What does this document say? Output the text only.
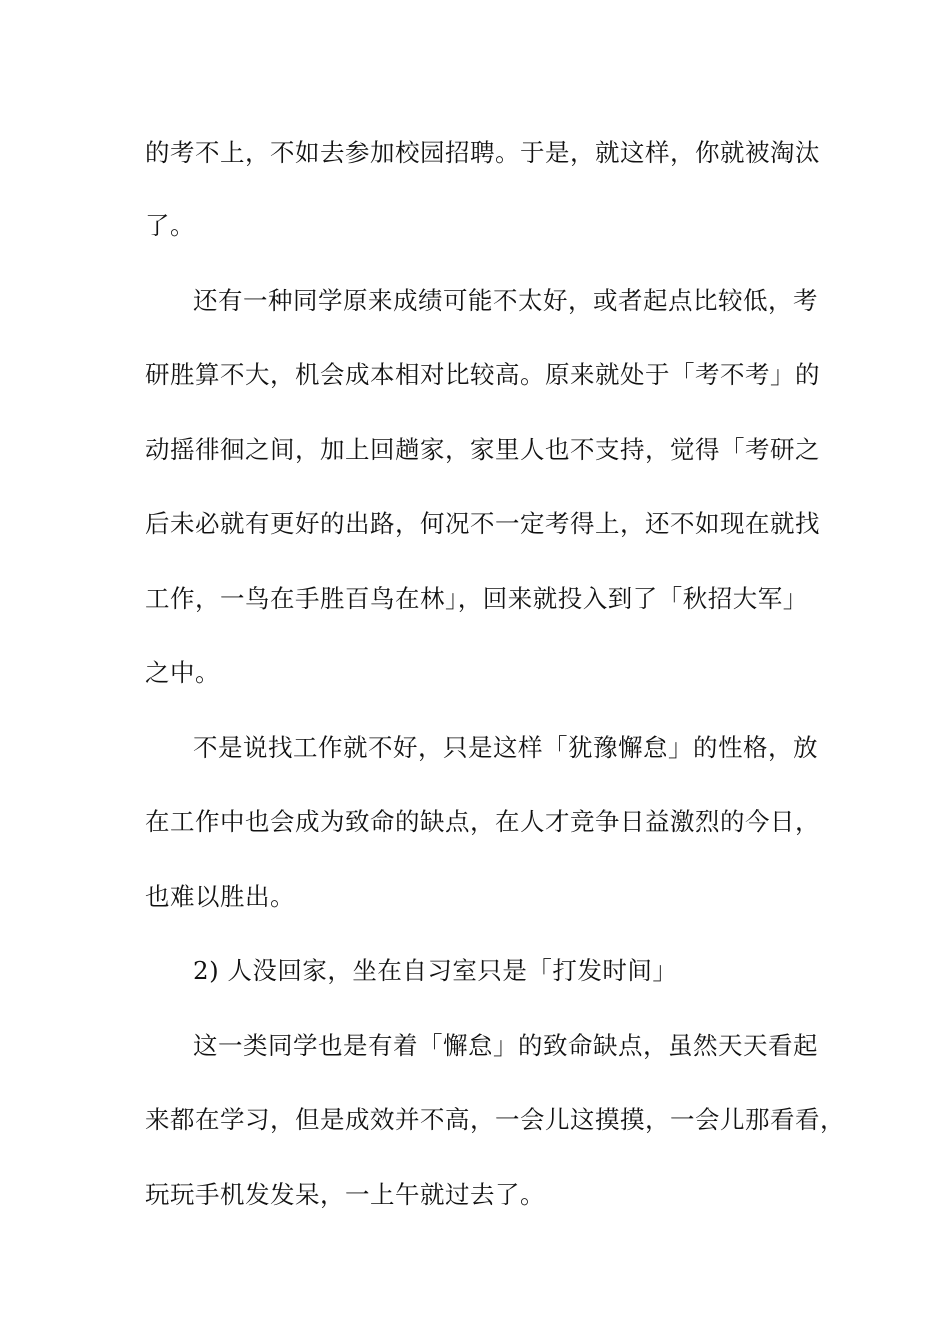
的考不上，不如去参加校园招聘。于是，就这样，你就被淘汰
了。
还有一种同学原来成绩可能不太好，或者起点比较低，考
研胜算不大，机会成本相对比较高。原来就处于「考不考」的
动摇徘徊之间，加上回趟家，家里人也不支持，觉得「考研之
后未必就有更好的出路，何况不一定考得上，还不如现在就找
工作，一鸟在手胜百鸟在林」，回来就投入到了「秋招大军」
之中。
不是说找工作就不好，只是这样「犹豫懈怠」的性格，放
在工作中也会成为致命的缺点，在人才竞争日益激烈的今日，
也难以胜出。
2) 人没回家，坐在自习室只是「打发时间」
这一类同学也是有着「懈怠」的致命缺点，虽然天天看起
来都在学习，但是成效并不高，一会儿这摸摸，一会儿那看看，
玩玩手机发发呆，一上午就过去了。
